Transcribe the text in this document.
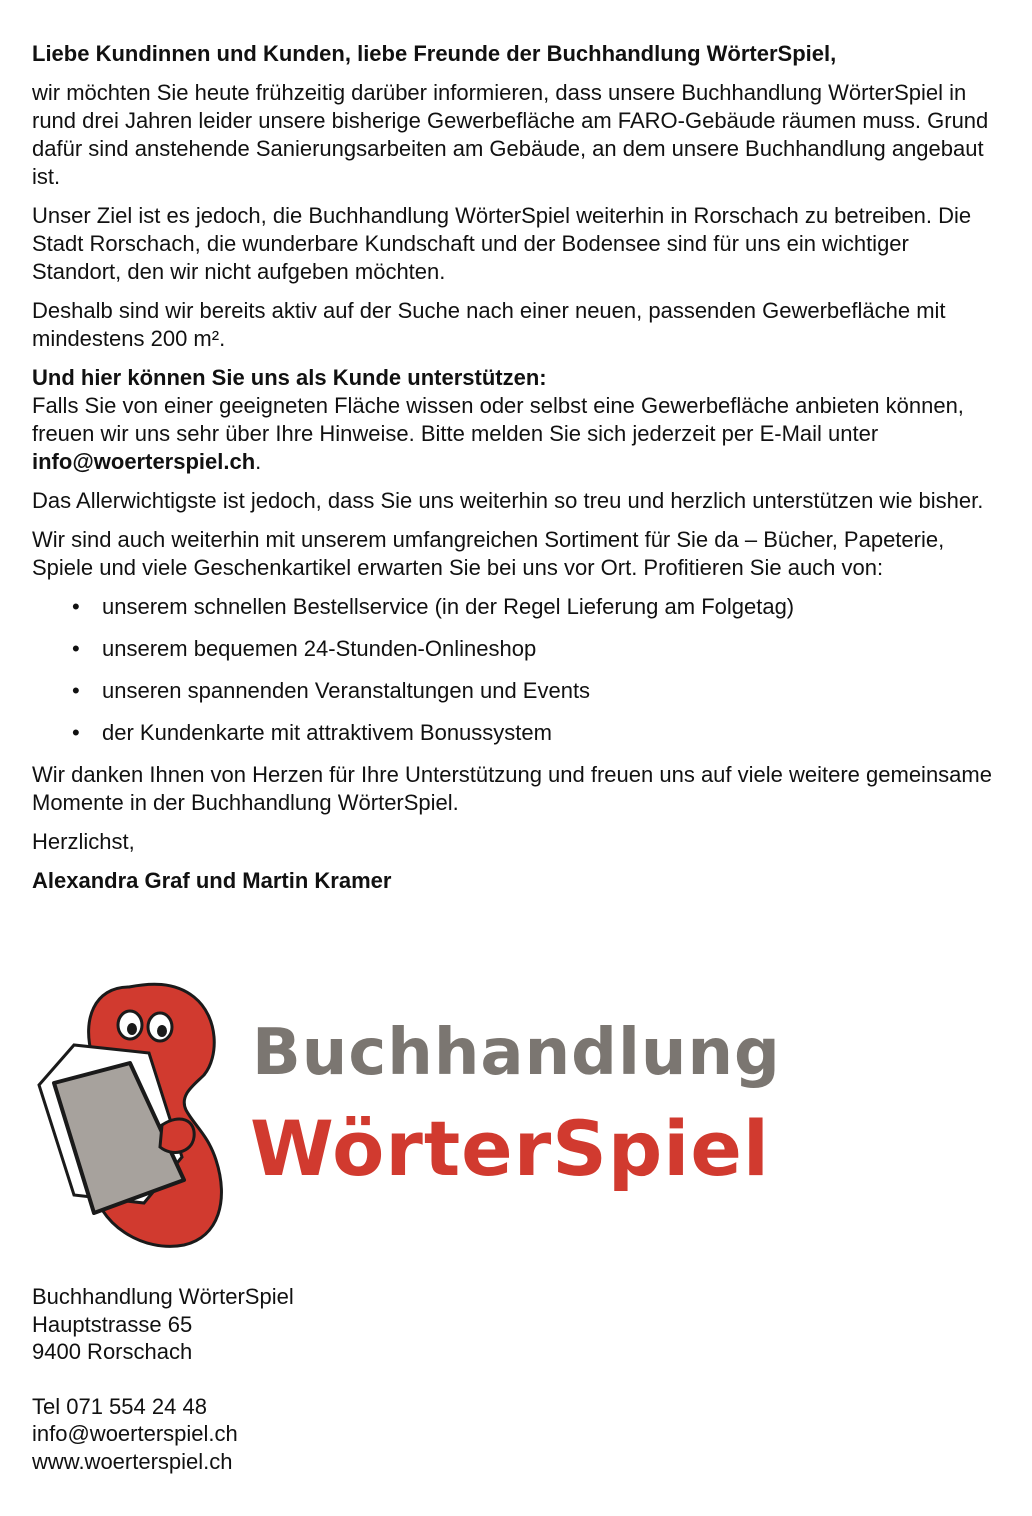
Liebe Kundinnen und Kunden, liebe Freunde der Buchhandlung WörterSpiel,

wir möchten Sie heute frühzeitig darüber informieren, dass unsere Buchhandlung WörterSpiel in rund drei Jahren leider unsere bisherige Gewerbefläche am FARO-Gebäude räumen muss. Grund dafür sind anstehende Sanierungsarbeiten am Gebäude, an dem unsere Buchhandlung angebaut ist.

Unser Ziel ist es jedoch, die Buchhandlung WörterSpiel weiterhin in Rorschach zu betreiben. Die Stadt Rorschach, die wunderbare Kundschaft und der Bodensee sind für uns ein wichtiger Standort, den wir nicht aufgeben möchten.

Deshalb sind wir bereits aktiv auf der Suche nach einer neuen, passenden Gewerbefläche mit mindestens 200 m².

Und hier können Sie uns als Kunde unterstützen:
Falls Sie von einer geeigneten Fläche wissen oder selbst eine Gewerbefläche anbieten können, freuen wir uns sehr über Ihre Hinweise. Bitte melden Sie sich jederzeit per E-Mail unter info@woerterspiel.ch.

Das Allerwichtigste ist jedoch, dass Sie uns weiterhin so treu und herzlich unterstützen wie bisher.

Wir sind auch weiterhin mit unserem umfangreichen Sortiment für Sie da – Bücher, Papeterie, Spiele und viele Geschenkartikel erwarten Sie bei uns vor Ort. Profitieren Sie auch von:

• unserem schnellen Bestellservice (in der Regel Lieferung am Folgetag)
• unserem bequemen 24-Stunden-Onlineshop
• unseren spannenden Veranstaltungen und Events
• der Kundenkarte mit attraktivem Bonussystem

Wir danken Ihnen von Herzen für Ihre Unterstützung und freuen uns auf viele weitere gemeinsame Momente in der Buchhandlung WörterSpiel.

Herzlichst,

Alexandra Graf und Martin Kramer

Buchhandlung
WörterSpiel
Buchhandlung WörterSpiel
Hauptstrasse 65
9400 Rorschach
Tel 071 554 24 48
info@woerterspiel.ch
www.woerterspiel.ch
